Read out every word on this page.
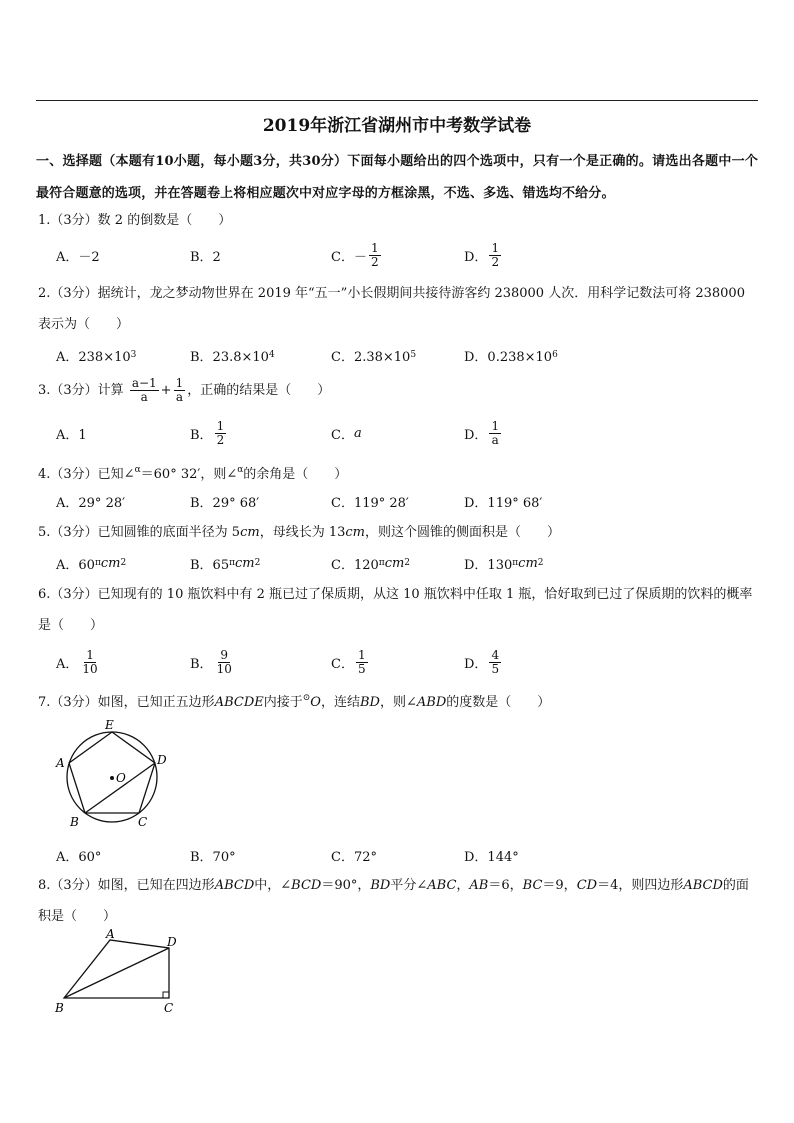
2019年浙江省湖州市中考数学试卷
一、选择题（本题有10小题，每小题3分，共30分）下面每小题给出的四个选项中，只有一个是正确的。请选出各题中一个最符合题意的选项，并在答题卷上将相应题次中对应字母的方框涂黑，不选、多选、错选均不给分。
1.（3分）数 2 的倒数是（　　）
A．－2	B．2	C．－ $\frac{1}{2}$	D． $\frac{1}{2}$
2.（3分）据统计，龙之梦动物世界在 2019 年“五一”小长假期间共接待游客约 238000 人次．用科学记数法可将 238000 表示为（　　）
A．238×10 3	B．23.8×10 4	C．2.38×10 5	D．0.238×10 6
3.（3分）计算 $\frac{a-1}{a} + \frac{1}{a}$ ，正确的结果是（　　）
A．1	B． $\frac{1}{2}$	C． a	D． $\frac{1}{a}$
4.（3分）已知∠$^\alpha$＝60° 32′，则∠$^\alpha$的余角是（　　）
A．29° 28′	B．29° 68′	C．119° 28′	D．119° 68′
5.（3分）已知圆锥的底面半径为 5cm，母线长为 13cm，则这个圆锥的侧面积是（　　）
A．60 π cm 2	B．65 π cm 2	C．120 π cm 2	D．130 π cm 2
6.（3分）已知现有的 10 瓶饮料中有 2 瓶已过了保质期，从这 10 瓶饮料中任取 1 瓶，恰好取到已过了保质期的饮料的概率是（　　）
A． $\frac{1}{10}$	B． $\frac{9}{10}$	C． $\frac{1}{5}$	D． $\frac{4}{5}$
7.（3分）如图，已知正五边形ABCDE内接于⊙O，连结BD，则∠ABD的度数是（　　）
E
A	D
B	C
O
A．60°	B．70°	C．72°	D．144°
8.（3分）如图，已知在四边形ABCD中，∠BCD＝90°，BD平分∠ABC，AB＝6，BC＝9，CD＝4，则四边形ABCD的面积是（　　）
A
D
B	C
